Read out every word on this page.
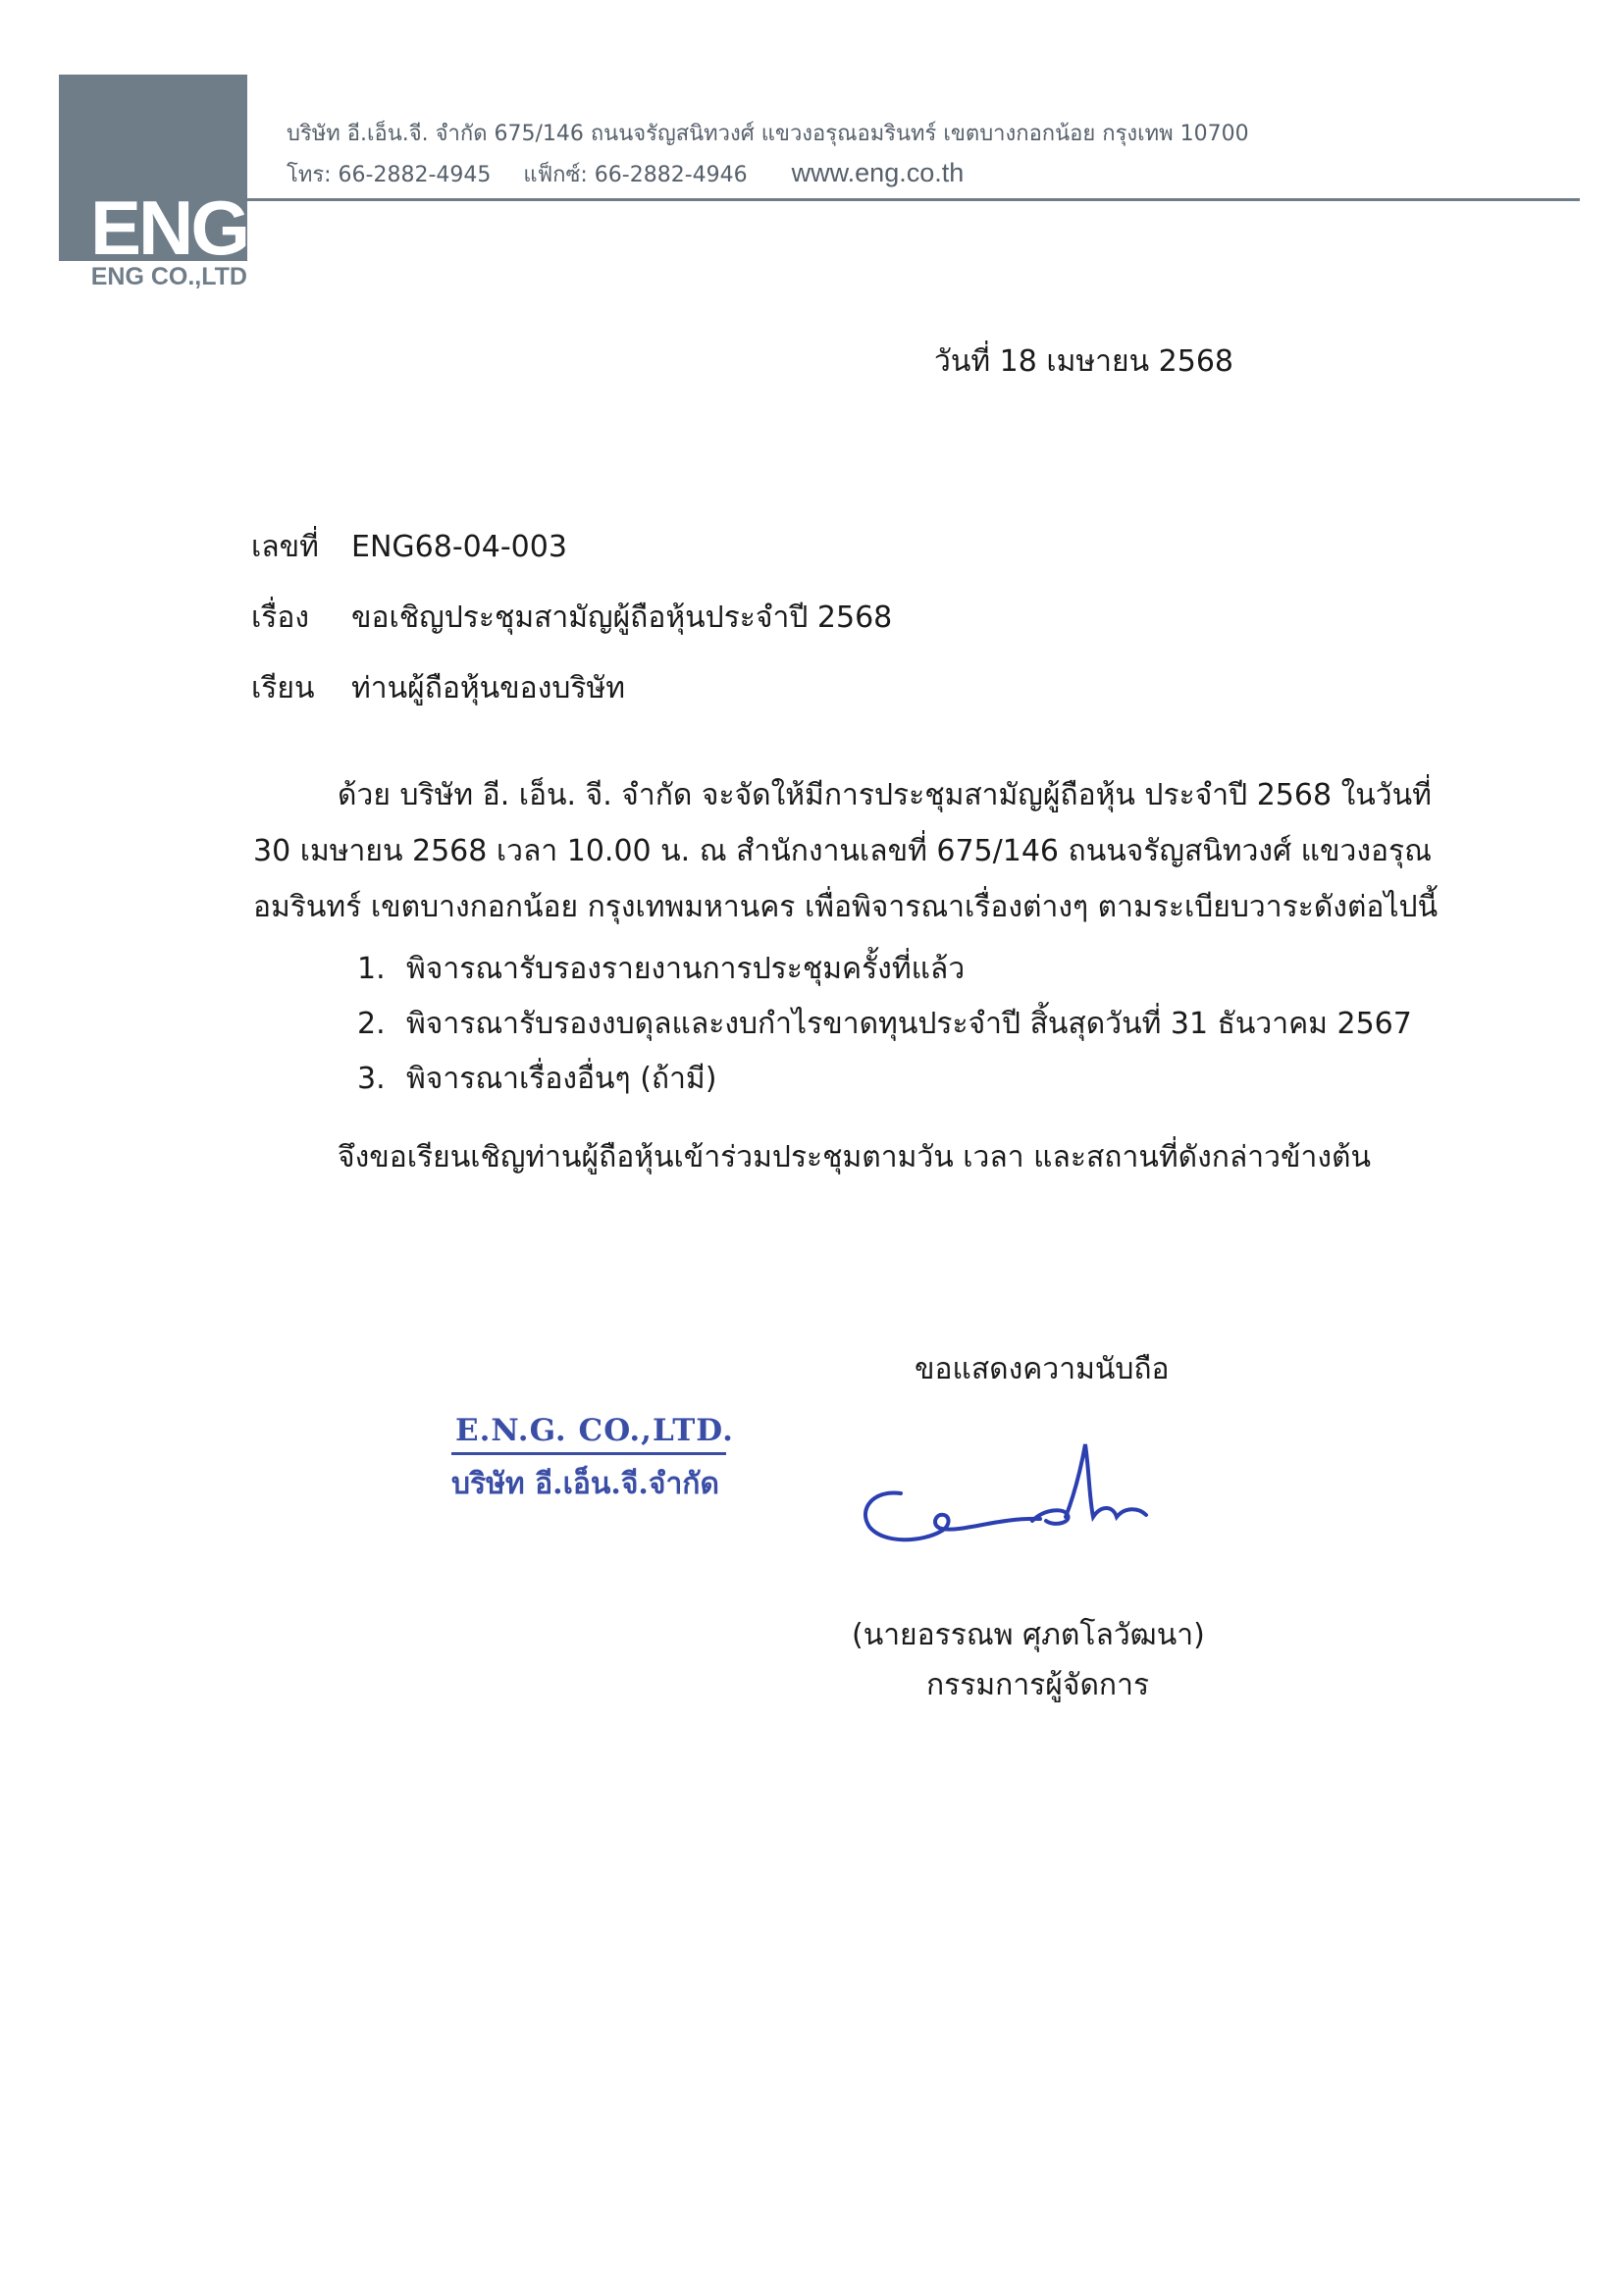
ENG
ENG CO.,LTD
บริษัท อี.เอ็น.จี. จำกัด 675/146 ถนนจรัญสนิทวงศ์ แขวงอรุณอมรินทร์ เขตบางกอกน้อย กรุงเทพ 10700
โทร: 66-2882-4945 แฟ็กซ์: 66-2882-4946 www.eng.co.th
วันที่ 18 เมษายน 2568
เลขที่ ENG68-04-003
เรื่อง ขอเชิญประชุมสามัญผู้ถือหุ้นประจำปี 2568
เรียน ท่านผู้ถือหุ้นของบริษัท

ด้วย บริษัท อี. เอ็น. จี. จำกัด จะจัดให้มีการประชุมสามัญผู้ถือหุ้น ประจำปี 2568 ในวันที่

30 เมษายน 2568 เวลา 10.00 น. ณ สำนักงานเลขที่ 675/146 ถนนจรัญสนิทวงศ์ แขวงอรุณ

อมรินทร์ เขตบางกอกน้อย กรุงเทพมหานคร เพื่อพิจารณาเรื่องต่างๆ ตามระเบียบวาระดังต่อไปนี้

1. พิจารณารับรองรายงานการประชุมครั้งที่แล้ว
2. พิจารณารับรองงบดุลและงบกำไรขาดทุนประจำปี สิ้นสุดวันที่ 31 ธันวาคม 2567
3. พิจารณาเรื่องอื่นๆ (ถ้ามี)
จึงขอเรียนเชิญท่านผู้ถือหุ้นเข้าร่วมประชุมตามวัน เวลา และสถานที่ดังกล่าวข้างต้น
ขอแสดงความนับถือ
E.N.G. CO.,LTD.
บริษัท อี.เอ็น.จี.จำกัด
(นายอรรณพ ศุภตโลวัฒนา)
กรรมการผู้จัดการ
